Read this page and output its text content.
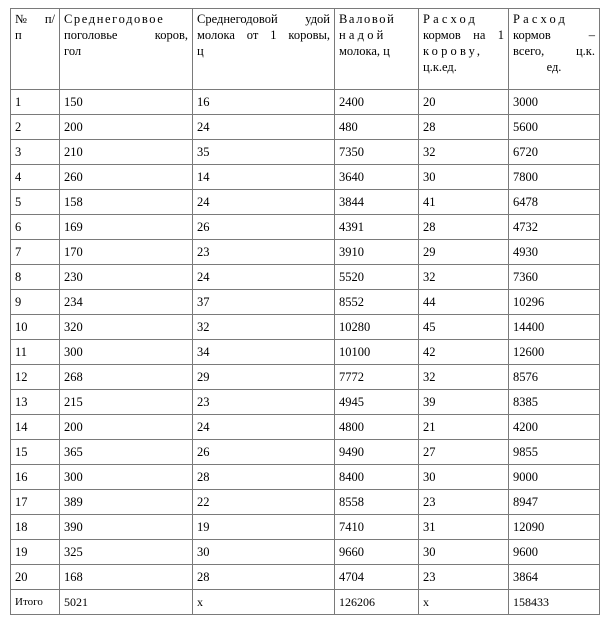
№ п/
п	Среднегодовое
поголовье коров,
гол	Среднегодовой удой
молока от 1 коровы,
ц	Валовой
надой
молока, ц	Расход
кормов на 1
корову,
ц.к.ед.	Расход
кормов –
всего, ц.к.
ед.

1	150	16	2400	20	3000
2	200	24	480	28	5600
3	210	35	7350	32	6720
4	260	14	3640	30	7800
5	158	24	3844	41	6478
6	169	26	4391	28	4732
7	170	23	3910	29	4930
8	230	24	5520	32	7360
9	234	37	8552	44	10296
10	320	32	10280	45	14400
11	300	34	10100	42	12600
12	268	29	7772	32	8576
13	215	23	4945	39	8385
14	200	24	4800	21	4200
15	365	26	9490	27	9855
16	300	28	8400	30	9000
17	389	22	8558	23	8947
18	390	19	7410	31	12090
19	325	30	9660	30	9600
20	168	28	4704	23	3864
Итого	5021	х	126206	х	158433
